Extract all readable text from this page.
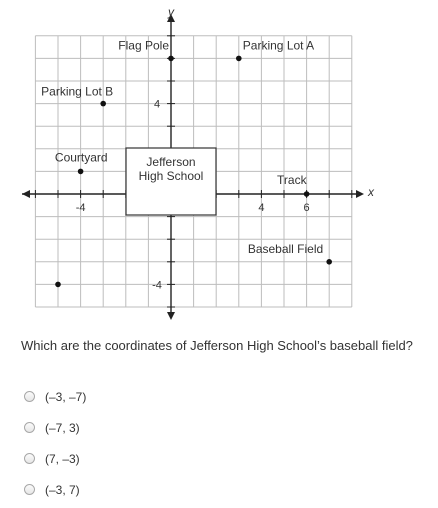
x
y
-4	4	6
4
-4
Jefferson
High School
Flag Pole	Parking Lot A
Parking Lot B
Courtyard
Track
Baseball Field
Which are the coordinates of Jefferson High School’s baseball field?
(–3, –7)
(–7, 3)
(7, –3)
(–3, 7)
